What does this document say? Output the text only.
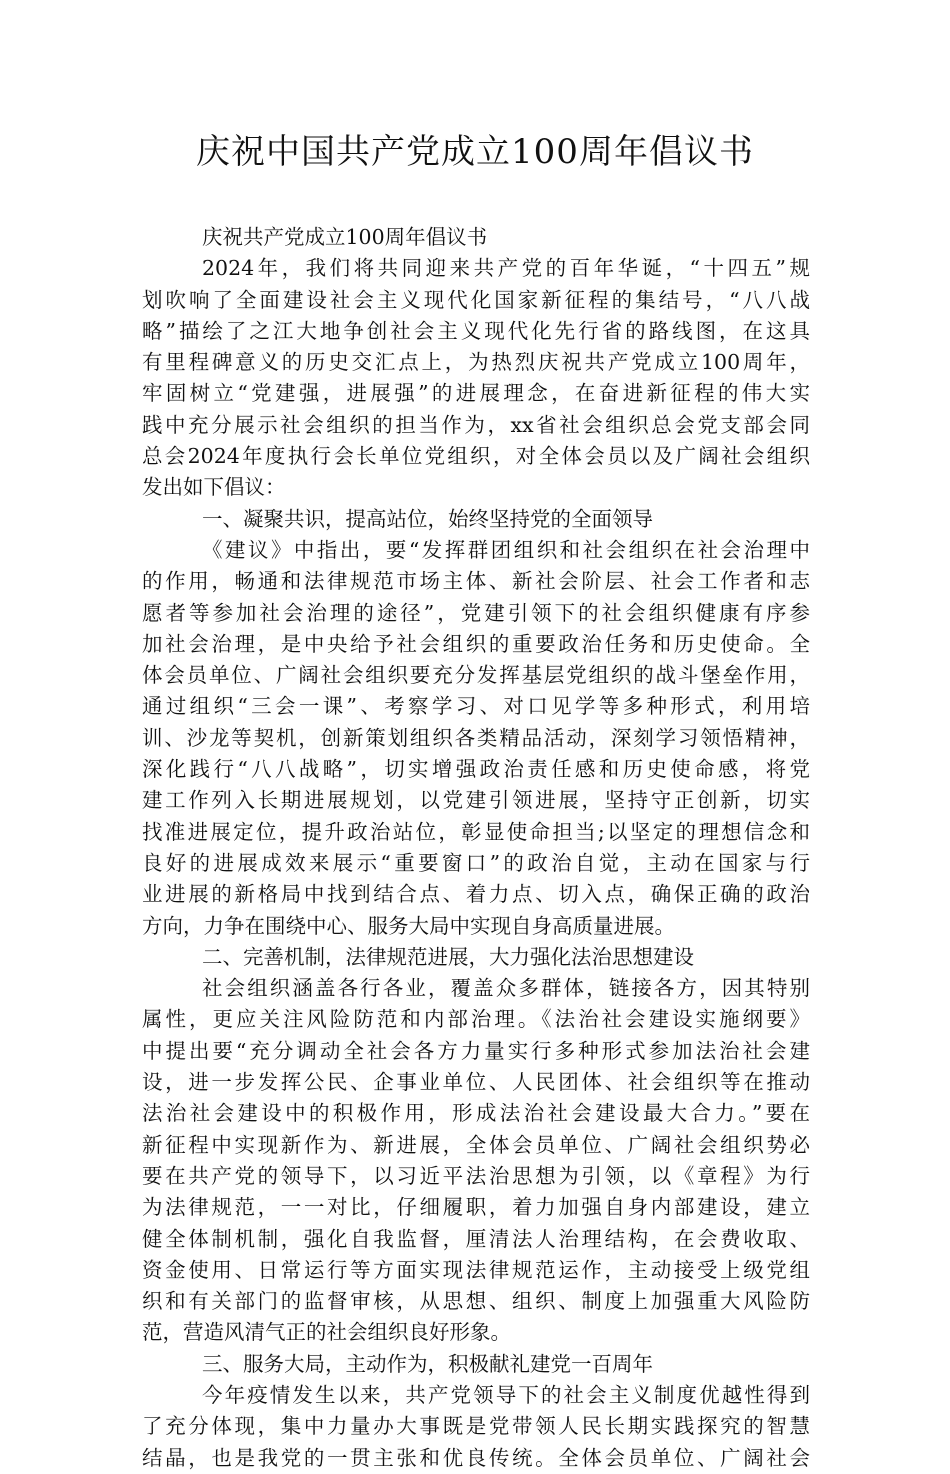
庆祝中国共产党成立100周年倡议书
庆祝共产党成立100周年倡议书
2024年，我们将共同迎来共产党的百年华诞，“十四五”规
划吹响了全面建设社会主义现代化国家新征程的集结号，“八八战
略”描绘了之江大地争创社会主义现代化先行省的路线图，在这具
有里程碑意义的历史交汇点上，为热烈庆祝共产党成立100周年，
牢固树立“党建强，进展强”的进展理念，在奋进新征程的伟大实
践中充分展示社会组织的担当作为，xx省社会组织总会党支部会同
总会2024年度执行会长单位党组织，对全体会员以及广阔社会组织
发出如下倡议：
一、凝聚共识，提高站位，始终坚持党的全面领导
《建议》中指出，要“发挥群团组织和社会组织在社会治理中
的作用，畅通和法律规范市场主体、新社会阶层、社会工作者和志
愿者等参加社会治理的途径”，党建引领下的社会组织健康有序参
加社会治理，是中央给予社会组织的重要政治任务和历史使命。全
体会员单位、广阔社会组织要充分发挥基层党组织的战斗堡垒作用，
通过组织“三会一课”、考察学习、对口见学等多种形式，利用培
训、沙龙等契机，创新策划组织各类精品活动，深刻学习领悟精神，
深化践行“八八战略”，切实增强政治责任感和历史使命感，将党
建工作列入长期进展规划，以党建引领进展，坚持守正创新，切实
找准进展定位，提升政治站位，彰显使命担当;以坚定的理想信念和
良好的进展成效来展示“重要窗口”的政治自觉，主动在国家与行
业进展的新格局中找到结合点、着力点、切入点，确保正确的政治
方向，力争在围绕中心、服务大局中实现自身高质量进展。
二、完善机制，法律规范进展，大力强化法治思想建设
社会组织涵盖各行各业，覆盖众多群体，链接各方，因其特别
属性，更应关注风险防范和内部治理。《法治社会建设实施纲要》
中提出要“充分调动全社会各方力量实行多种形式参加法治社会建
设，进一步发挥公民、企事业单位、人民团体、社会组织等在推动
法治社会建设中的积极作用，形成法治社会建设最大合力。”要在
新征程中实现新作为、新进展，全体会员单位、广阔社会组织势必
要在共产党的领导下，以习近平法治思想为引领，以《章程》为行
为法律规范，一一对比，仔细履职，着力加强自身内部建设，建立
健全体制机制，强化自我监督，厘清法人治理结构，在会费收取、
资金使用、日常运行等方面实现法律规范运作，主动接受上级党组
织和有关部门的监督审核，从思想、组织、制度上加强重大风险防
范，营造风清气正的社会组织良好形象。
三、服务大局，主动作为，积极献礼建党一百周年
今年疫情发生以来，共产党领导下的社会主义制度优越性得到
了充分体现，集中力量办大事既是党带领人民长期实践探究的智慧
结晶，也是我党的一贯主张和优良传统。全体会员单位、广阔社会
